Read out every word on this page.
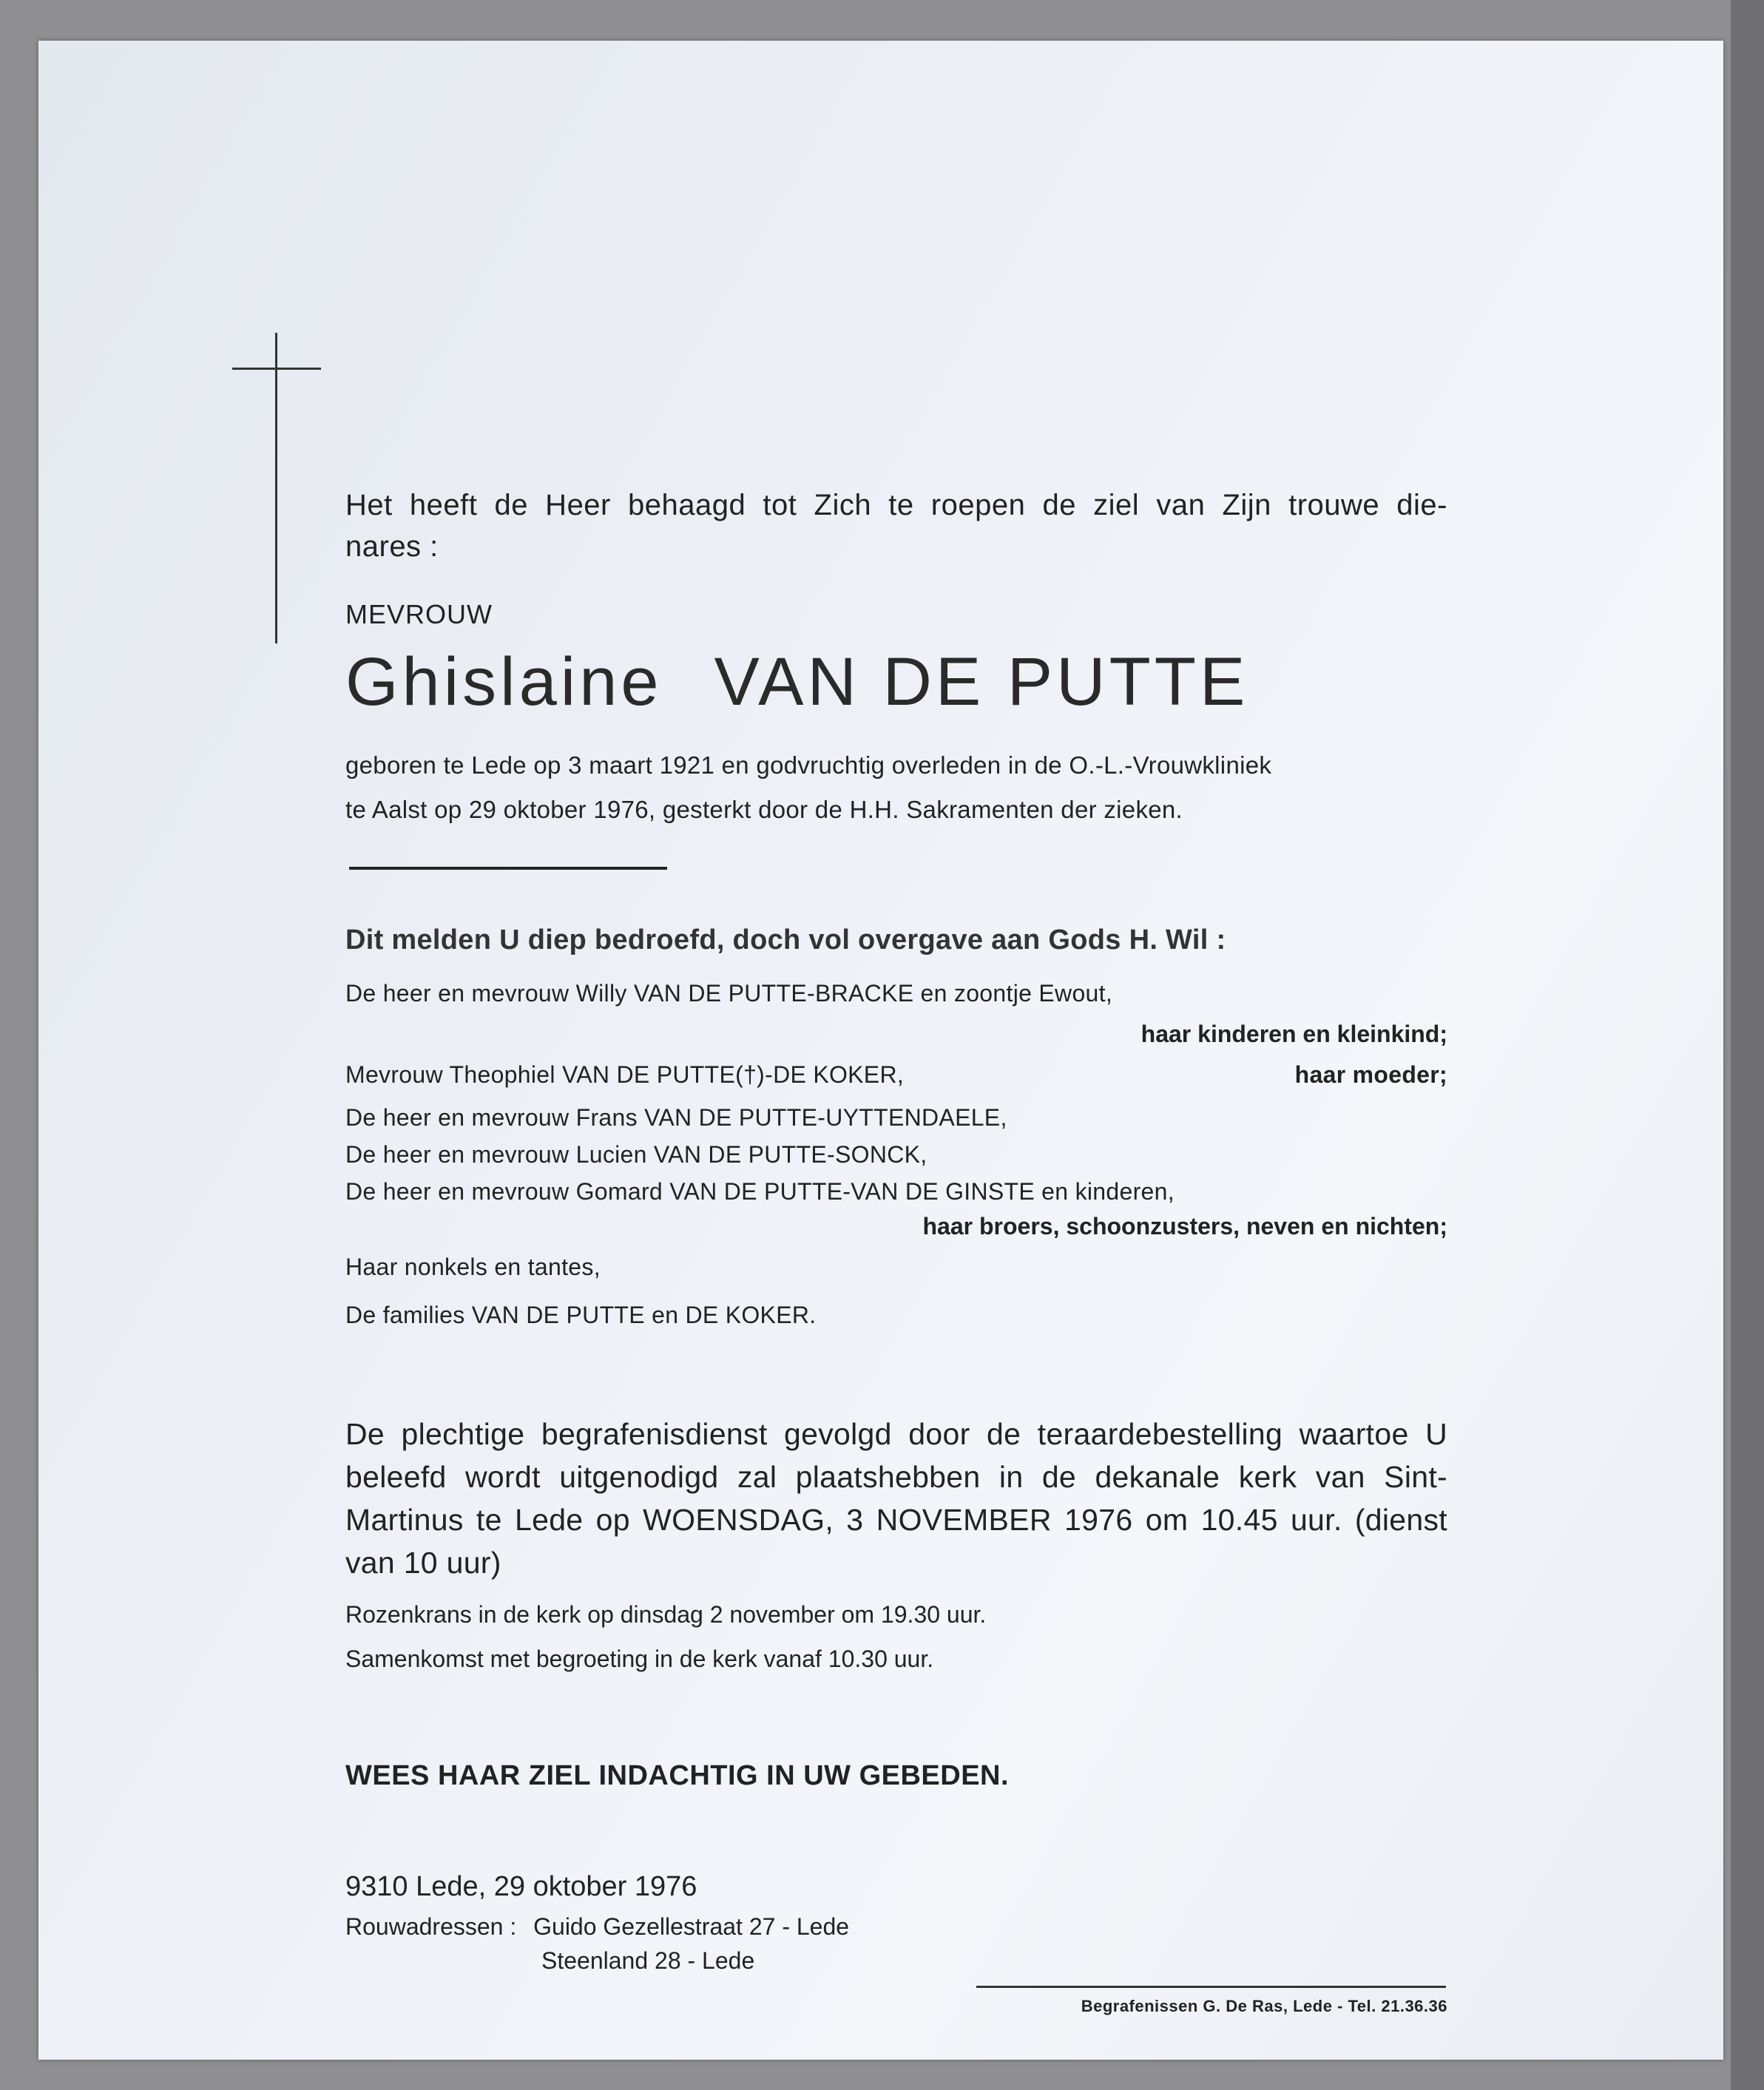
Het heeft de Heer behaagd tot Zich te roepen de ziel van Zijn trouwe die-
nares :
MEVROUW
Ghislaine VAN DE PUTTE
geboren te Lede op 3 maart 1921 en godvruchtig overleden in de O.-L.-Vrouwkliniek
te Aalst op 29 oktober 1976, gesterkt door de H.H. Sakramenten der zieken.
Dit melden U diep bedroefd, doch vol overgave aan Gods H. Wil :
De heer en mevrouw Willy VAN DE PUTTE-BRACKE en zoontje Ewout,
haar kinderen en kleinkind;
Mevrouw Theophiel VAN DE PUTTE(†)-DE KOKER,	haar moeder;
De heer en mevrouw Frans VAN DE PUTTE-UYTTENDAELE,
De heer en mevrouw Lucien VAN DE PUTTE-SONCK,
De heer en mevrouw Gomard VAN DE PUTTE-VAN DE GINSTE en kinderen,
haar broers, schoonzusters, neven en nichten;
Haar nonkels en tantes,
De families VAN DE PUTTE en DE KOKER.
De plechtige begrafenisdienst gevolgd door de teraardebestelling waartoe U
beleefd wordt uitgenodigd zal plaatshebben in de dekanale kerk van Sint-
Martinus te Lede op WOENSDAG, 3 NOVEMBER 1976 om 10.45 uur. (dienst
van 10 uur)
Rozenkrans in de kerk op dinsdag 2 november om 19.30 uur.
Samenkomst met begroeting in de kerk vanaf 10.30 uur.
WEES HAAR ZIEL INDACHTIG IN UW GEBEDEN.
9310 Lede, 29 oktober 1976
Rouwadressen : Guido Gezellestraat 27 - Lede
Steenland 28 - Lede
Begrafenissen G. De Ras, Lede - Tel. 21.36.36
